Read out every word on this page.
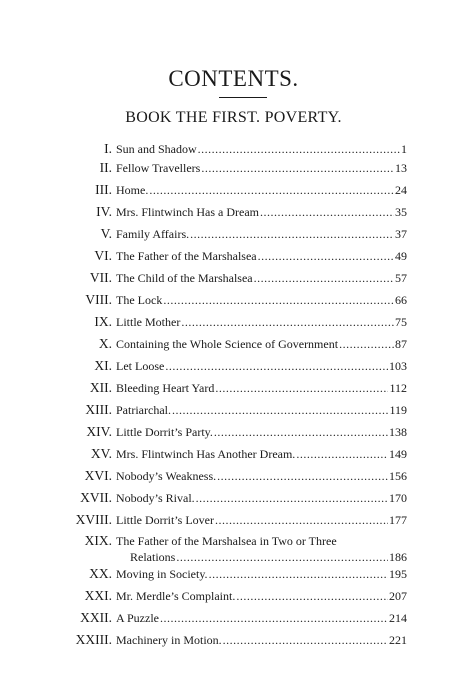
CONTENTS.
BOOK THE FIRST. POVERTY.
I. Sun and Shadow .....	1
II. Fellow Travellers .....	13
III. Home. .....	24
IV. Mrs. Flintwinch Has a Dream .....	35
V. Family Affairs. .....	37
VI. The Father of the Marshalsea .....	49
VII. The Child of the Marshalsea .....	57
VIII. The Lock .....	66
IX. Little Mother .....	75
X. Containing the Whole Science of Government .....	87
XI. Let Loose .....	103
XII. Bleeding Heart Yard .....	112
XIII. Patriarchal. .....	119
XIV. Little Dorrit’s Party. .....	138
XV. Mrs. Flintwinch Has Another Dream. .....	149
XVI. Nobody’s Weakness. .....	156
XVII. Nobody’s Rival. .....	170
XVIII. Little Dorrit’s Lover .....	177
XIX. The Father of the Marshalsea in Two or Three
Relations .....	186
XX. Moving in Society. .....	195
XXI. Mr. Merdle’s Complaint. .....	207
XXII. A Puzzle .....	214
XXIII. Machinery in Motion. .....	221
